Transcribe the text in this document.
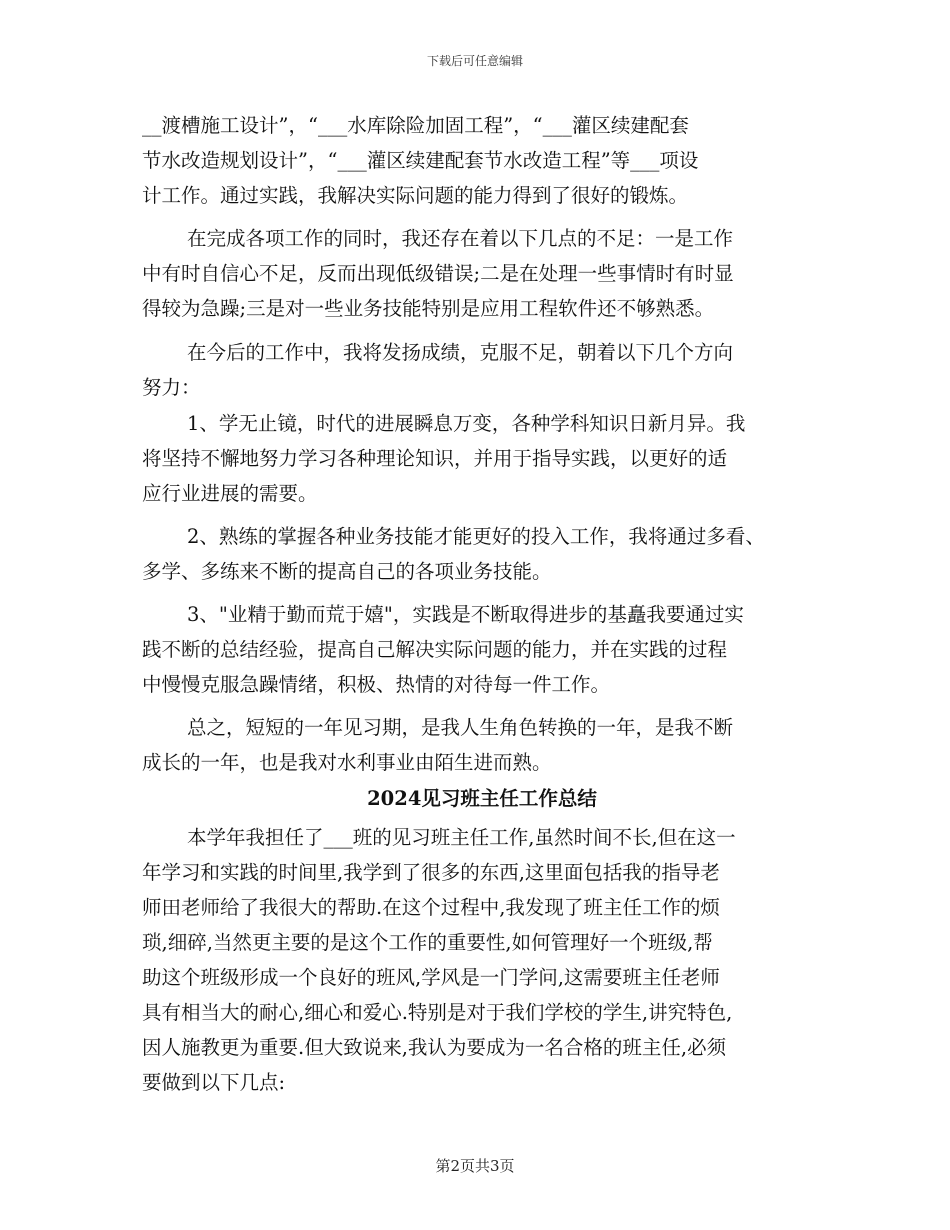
下载后可任意编辑
__渡槽施工设计”，“___水库除险加固工程”，“___灌区续建配套
节水改造规划设计”，“___灌区续建配套节水改造工程”等___项设
计工作。通过实践，我解决实际问题的能力得到了很好的锻炼。
在完成各项工作的同时，我还存在着以下几点的不足：一是工作
中有时自信心不足，反而出现低级错误;二是在处理一些事情时有时显
得较为急躁;三是对一些业务技能特别是应用工程软件还不够熟悉。
在今后的工作中，我将发扬成绩，克服不足，朝着以下几个方向
努力：
1、学无止镜，时代的进展瞬息万变，各种学科知识日新月异。我
将坚持不懈地努力学习各种理论知识，并用于指导实践，以更好的适
应行业进展的需要。
2、熟练的掌握各种业务技能才能更好的投入工作，我将通过多看、
多学、多练来不断的提高自己的各项业务技能。
3、"业精于勤而荒于嬉"，实践是不断取得进步的基矗我要通过实
践不断的总结经验，提高自己解决实际问题的能力，并在实践的过程
中慢慢克服急躁情绪，积极、热情的对待每一件工作。
总之，短短的一年见习期，是我人生角色转换的一年，是我不断
成长的一年，也是我对水利事业由陌生进而熟。
2024见习班主任工作总结
本学年我担任了___班的见习班主任工作,虽然时间不长,但在这一
年学习和实践的时间里,我学到了很多的东西,这里面包括我的指导老
师田老师给了我很大的帮助.在这个过程中,我发现了班主任工作的烦
琐,细碎,当然更主要的是这个工作的重要性,如何管理好一个班级,帮
助这个班级形成一个良好的班风,学风是一门学问,这需要班主任老师
具有相当大的耐心,细心和爱心.特别是对于我们学校的学生,讲究特色,
因人施教更为重要.但大致说来,我认为要成为一名合格的班主任,必须
要做到以下几点:
第2页共3页
